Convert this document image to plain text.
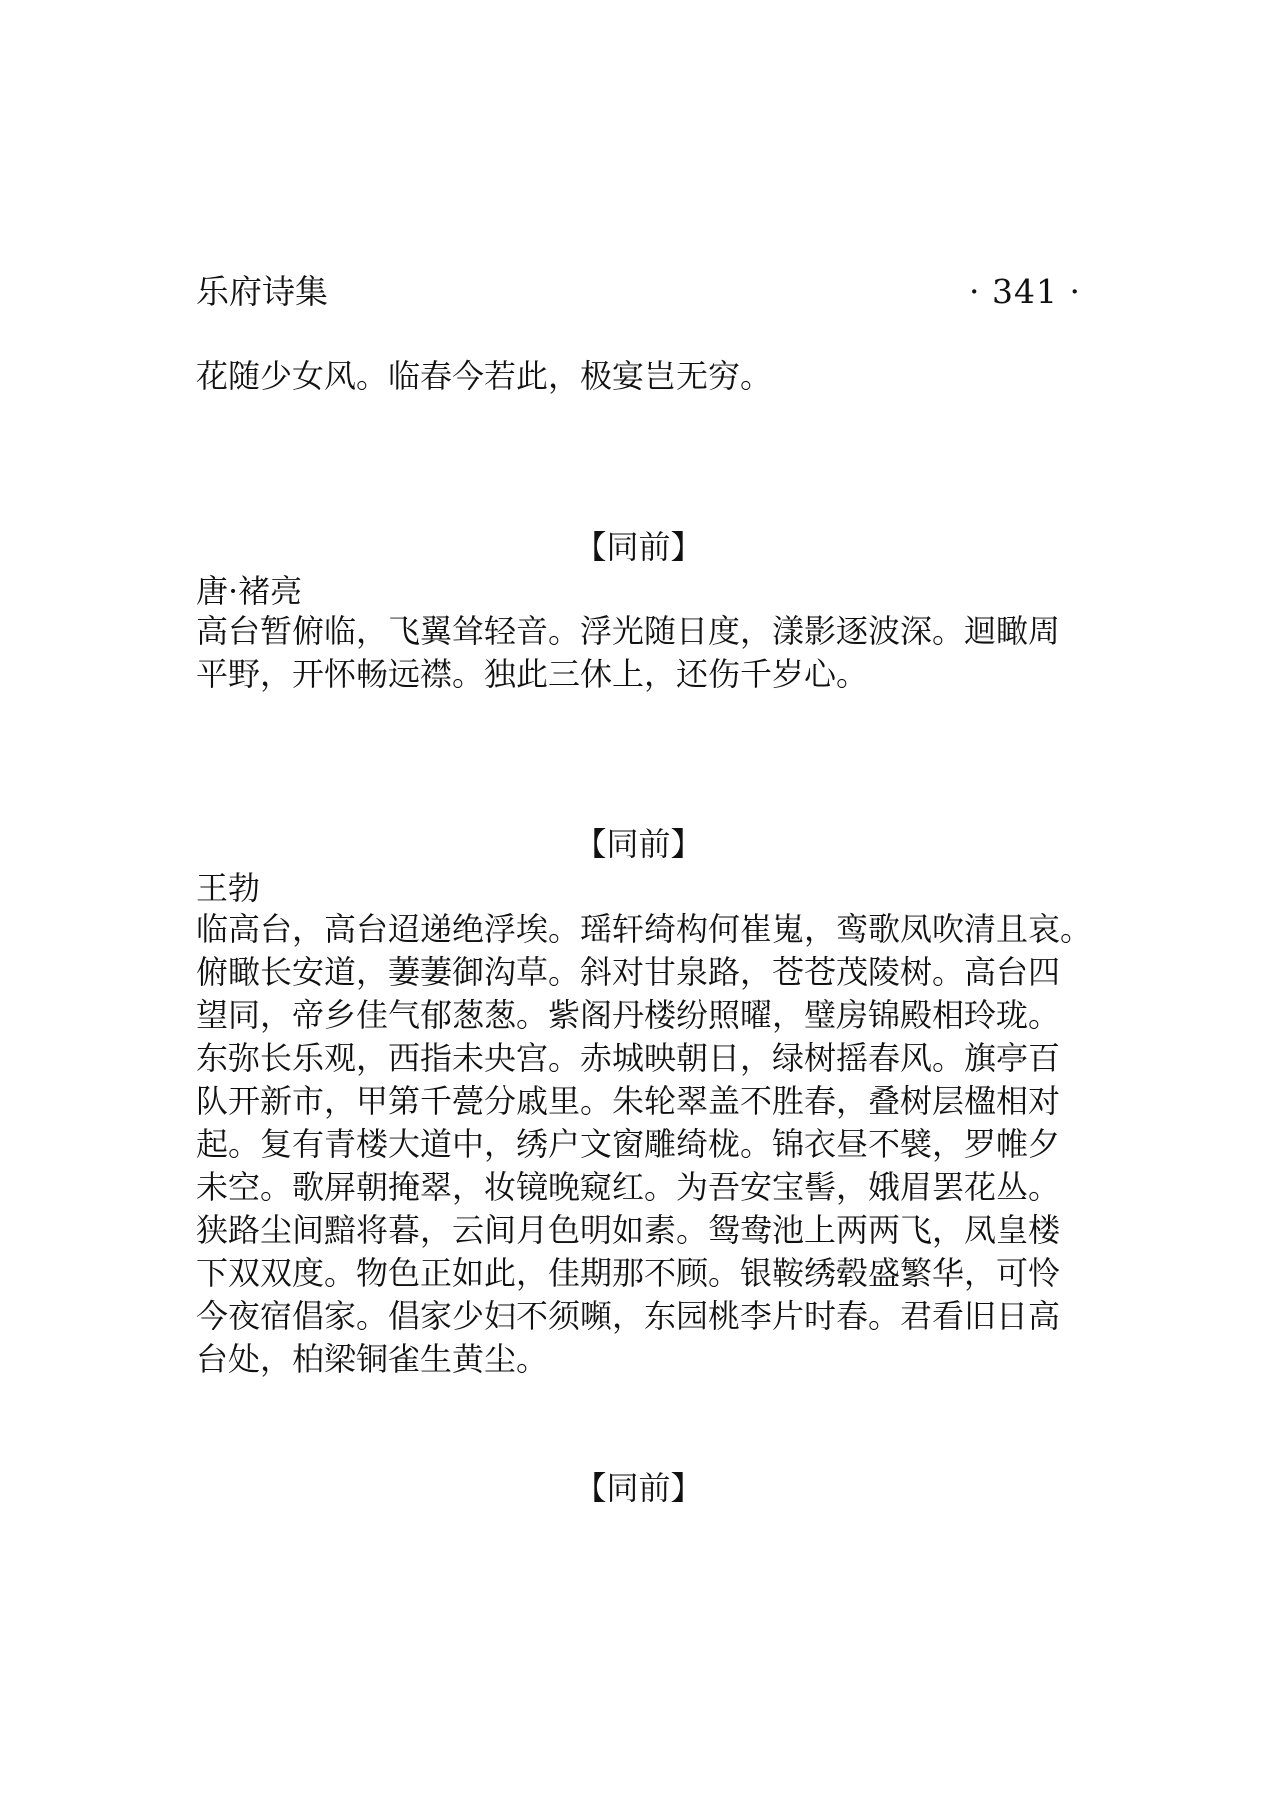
乐府诗集	· 341 ·
花随少女风。临春今若此，极宴岂无穷。
【同前】
唐·褚亮
高台暂俯临，飞翼耸轻音。浮光随日度，漾影逐波深。迴瞰周
平野，开怀畅远襟。独此三休上，还伤千岁心。
【同前】
王勃
临高台，高台迢递绝浮埃。瑶轩绮构何崔嵬，鸾歌凤吹清且哀。
俯瞰长安道，萋萋御沟草。斜对甘泉路，苍苍茂陵树。高台四
望同，帝乡佳气郁葱葱。紫阁丹楼纷照曜，璧房锦殿相玲珑。
东弥长乐观，西指未央宫。赤城映朝日，绿树摇春风。旗亭百
队开新市，甲第千甍分戚里。朱轮翠盖不胜春，叠树层楹相对
起。复有青楼大道中，绣户文窗雕绮栊。锦衣昼不襞，罗帷夕
未空。歌屏朝掩翠，妆镜晚窥红。为吾安宝髻，娥眉罢花丛。
狭路尘间黯将暮，云间月色明如素。鸳鸯池上两两飞，凤皇楼
下双双度。物色正如此，佳期那不顾。银鞍绣毂盛繁华，可怜
今夜宿倡家。倡家少妇不须嚬，东园桃李片时春。君看旧日高
台处，柏梁铜雀生黄尘。
【同前】
